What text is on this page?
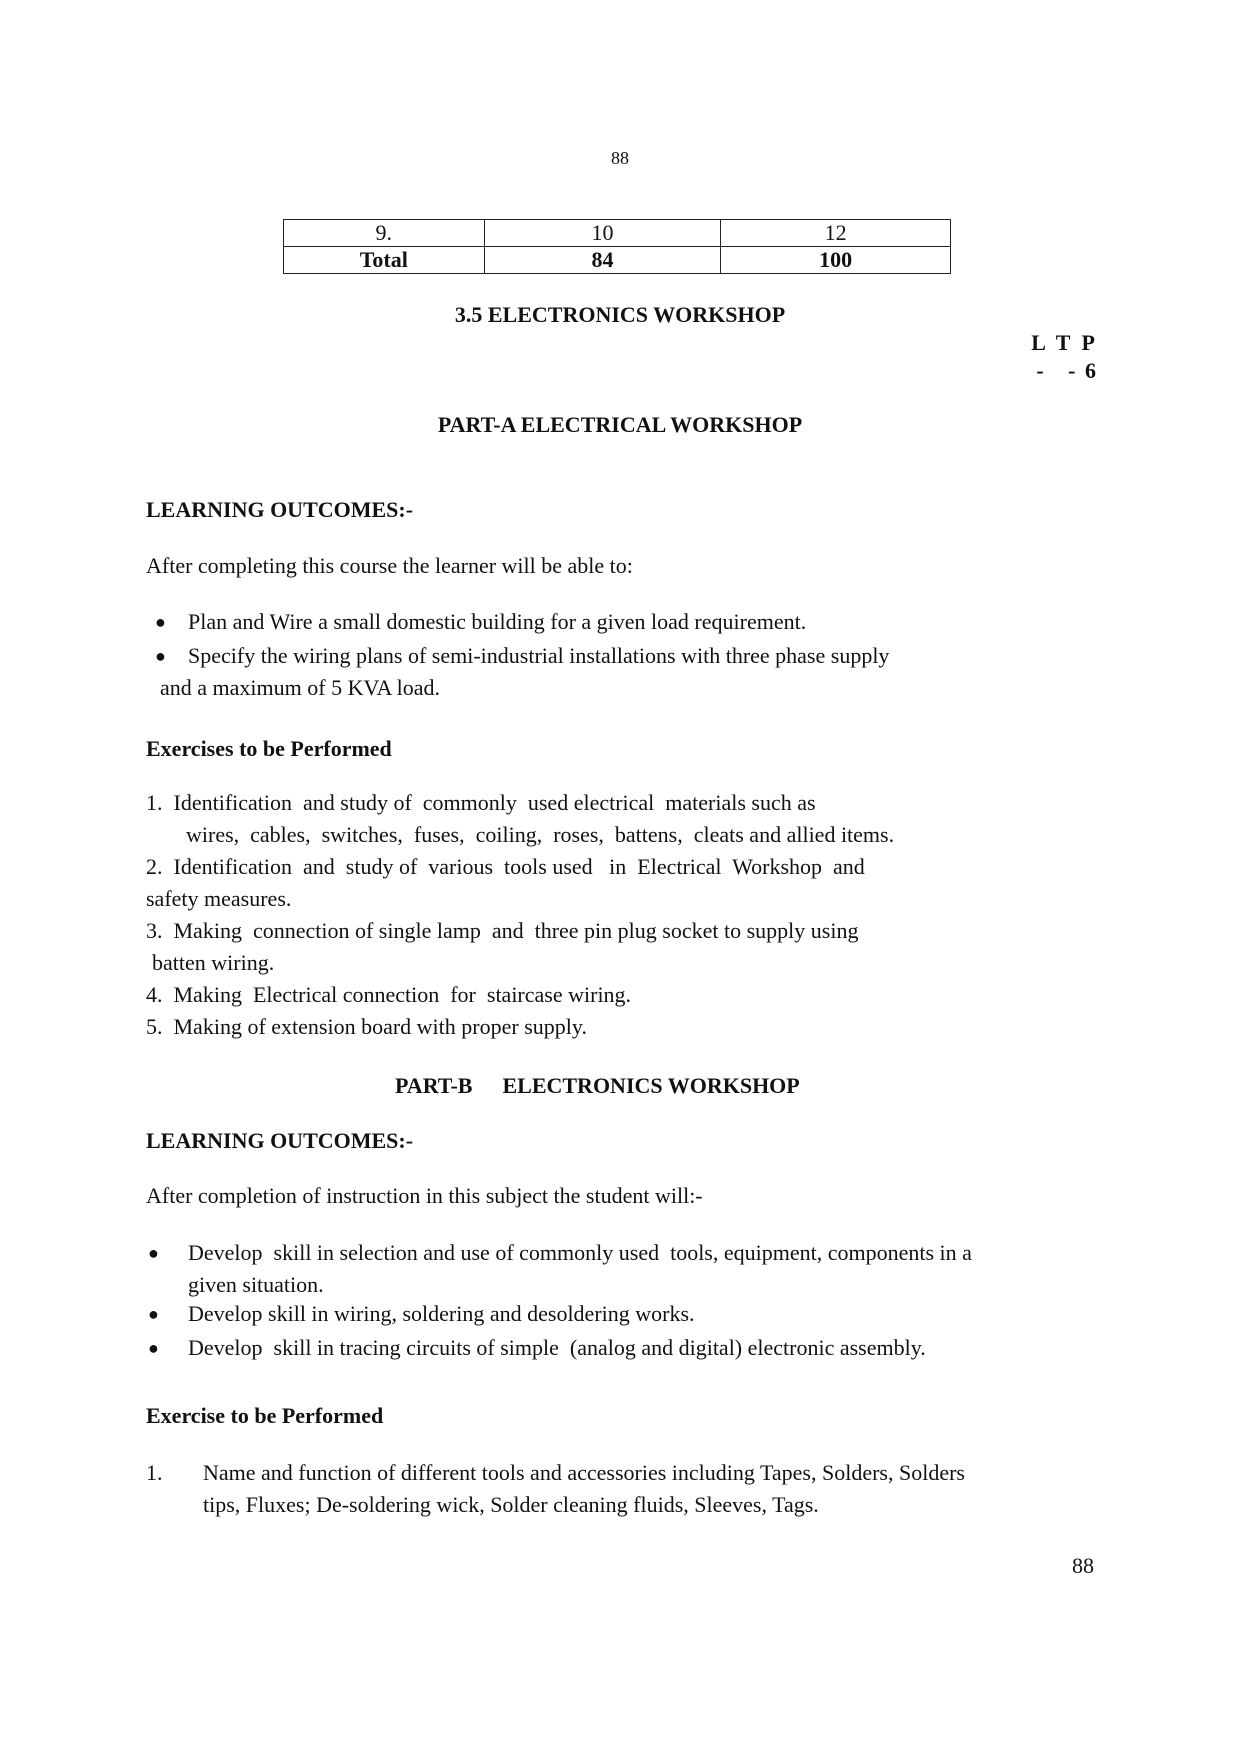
88

9.	10	12
Total	84	100

3.5 ELECTRONICS WORKSHOP

L T P

-   - 6

PART-A ELECTRICAL WORKSHOP

LEARNING OUTCOMES:-

After completing this course the learner will be able to:

● Plan and Wire a small domestic building for a given load requirement.

● Specify the wiring plans of semi-industrial installations with three phase supply

and a maximum of 5 KVA load.

Exercises to be Performed

1.  Identification  and study of  commonly  used electrical  materials such as

wires,  cables,  switches,  fuses,  coiling,  roses,  battens,  cleats and allied items.

2.  Identification  and  study of  various  tools used   in  Electrical  Workshop  and

safety measures.

3.  Making  connection of single lamp  and  three pin plug socket to supply using

batten wiring.

4.  Making  Electrical connection  for  staircase wiring.

5.  Making of extension board with proper supply.

PART-B ELECTRONICS WORKSHOP

LEARNING OUTCOMES:-

After completion of instruction in this subject the student will:-

● Develop  skill in selection and use of commonly used  tools, equipment, components in a

given situation.

● Develop skill in wiring, soldering and desoldering works.

● Develop  skill in tracing circuits of simple  (analog and digital) electronic assembly.

Exercise to be Performed

1. Name and function of different tools and accessories including Tapes, Solders, Solders

tips, Fluxes; De-soldering wick, Solder cleaning fluids, Sleeves, Tags.

88
